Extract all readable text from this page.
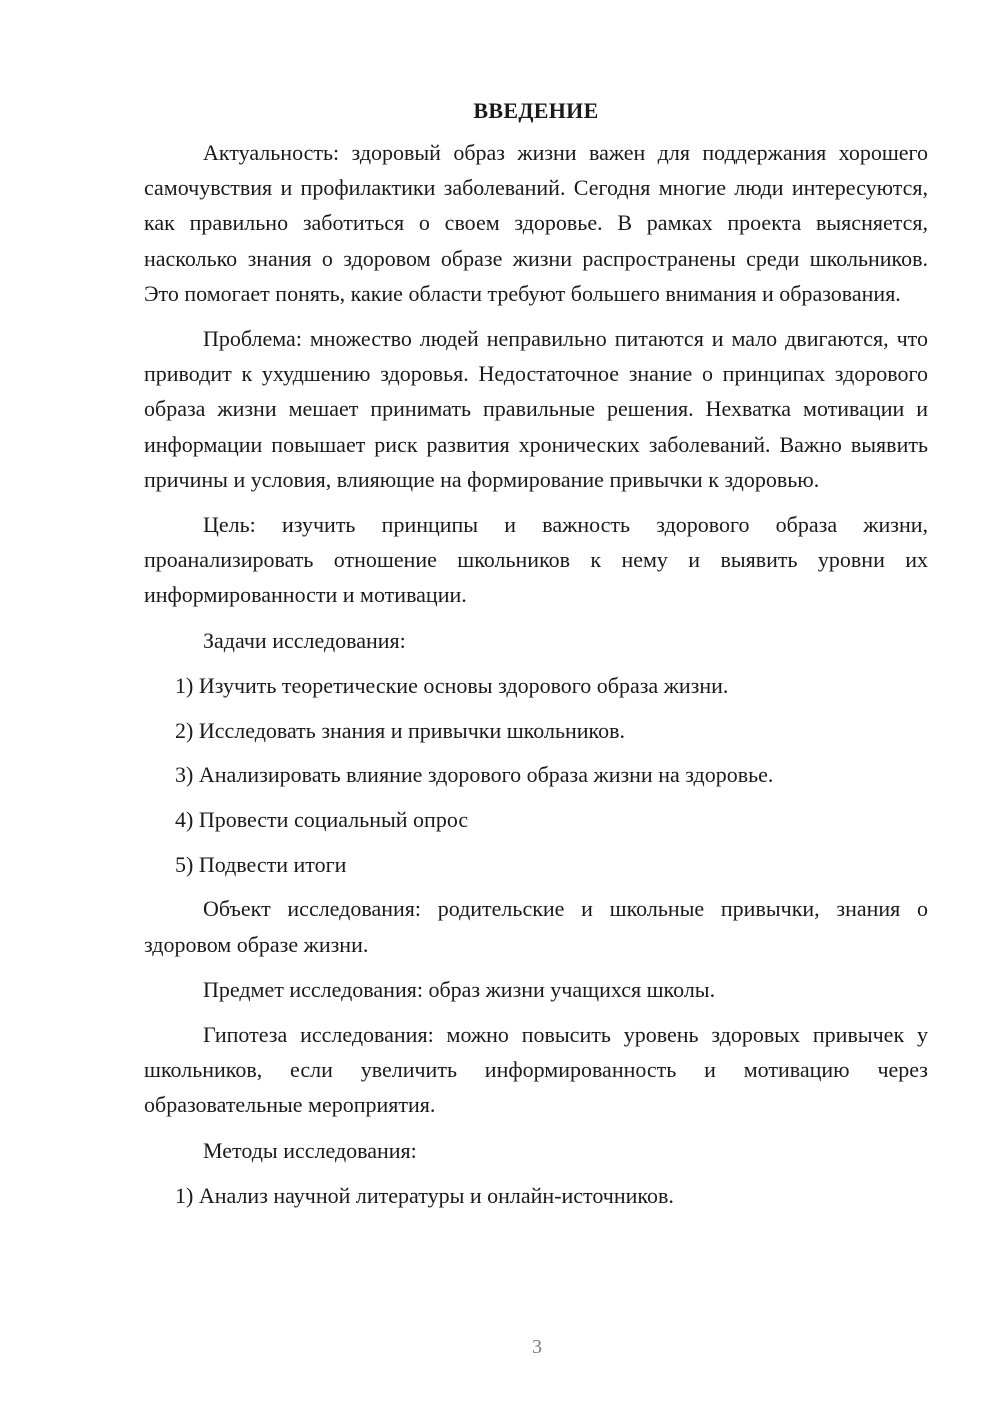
ВВЕДЕНИЕ

Актуальность: здоровый образ жизни важен для поддержания хорошего самочувствия и профилактики заболеваний. Сегодня многие люди интересуются, как правильно заботиться о своем здоровье. В рамках проекта выясняется, насколько знания о здоровом образе жизни распространены среди школьников. Это помогает понять, какие области требуют большего внимания и образования.

Проблема: множество людей неправильно питаются и мало двигаются, что приводит к ухудшению здоровья. Недостаточное знание о принципах здорового образа жизни мешает принимать правильные решения. Нехватка мотивации и информации повышает риск развития хронических заболеваний. Важно выявить причины и условия, влияющие на формирование привычки к здоровью.

Цель: изучить принципы и важность здорового образа жизни, проанализировать отношение школьников к нему и выявить уровни их информированности и мотивации.

Задачи исследования:

1) Изучить теоретические основы здорового образа жизни.
2) Исследовать знания и привычки школьников.
3) Анализировать влияние здорового образа жизни на здоровье.
4) Провести социальный опрос
5) Подвести итоги

Объект исследования: родительские и школьные привычки, знания о здоровом образе жизни.

Предмет исследования: образ жизни учащихся школы.

Гипотеза исследования: можно повысить уровень здоровых привычек у школьников, если увеличить информированность и мотивацию через образовательные мероприятия.

Методы исследования:

1) Анализ научной литературы и онлайн-источников.
3
